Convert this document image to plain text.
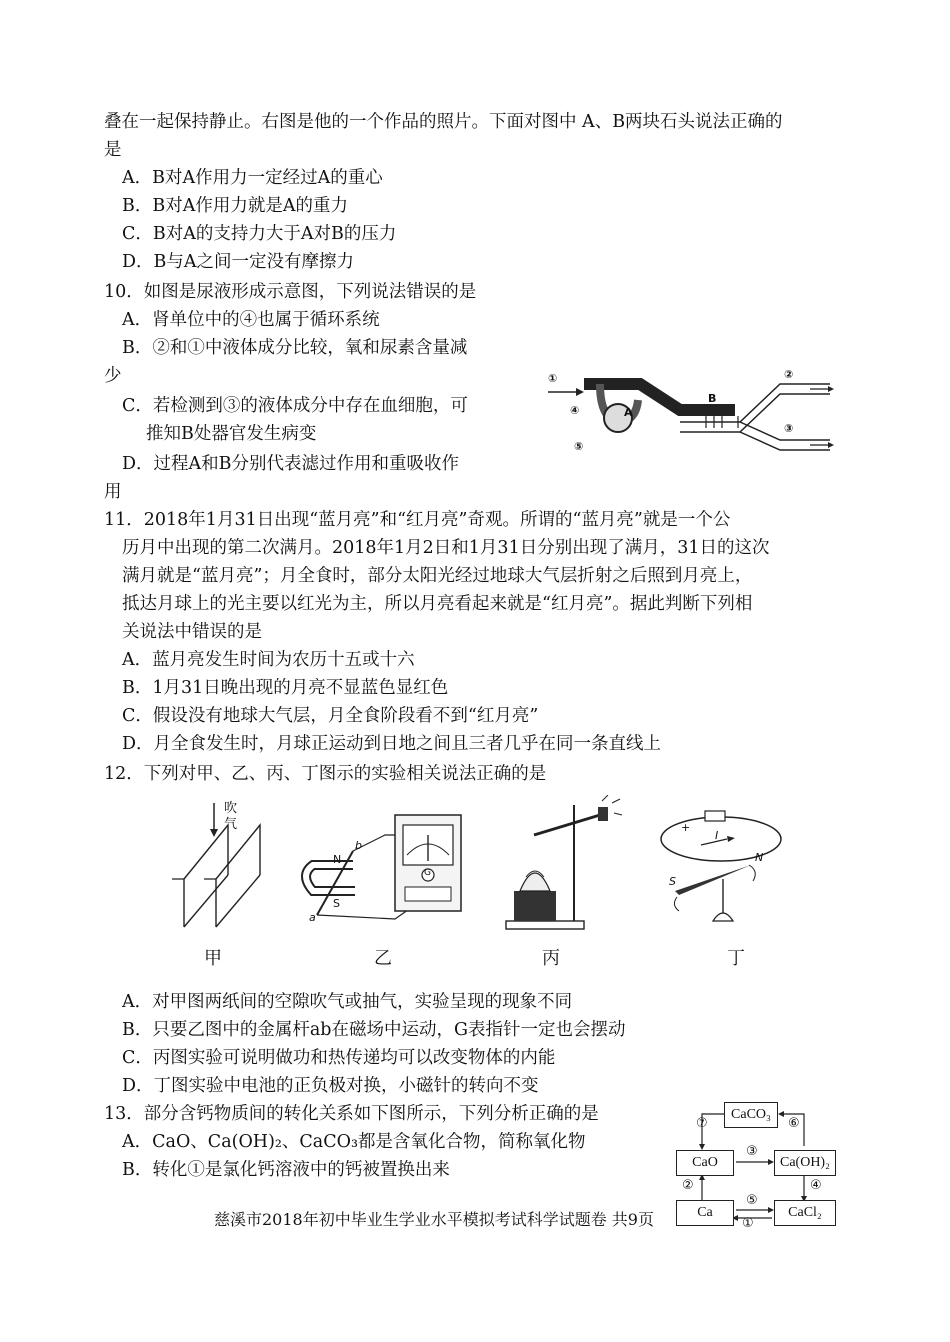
叠在一起保持静止。右图是他的一个作品的照片。下面对图中 A、B两块石头说法正确的
是
A．B对A作用力一定经过A的重心
B．B对A作用力就是A的重力
C．B对A的支持力大于A对B的压力
D．B与A之间一定没有摩擦力
10．如图是尿液形成示意图，下列说法错误的是
A．肾单位中的④也属于循环系统
B．②和①中液体成分比较，氧和尿素含量减
少
C．若检测到③的液体成分中存在血细胞，可
推知B处器官发生病变
D．过程A和B分别代表滤过作用和重吸收作
用
①	②
③
④
⑤
A
B
11．2018年1月31日出现“蓝月亮”和“红月亮”奇观。所谓的“蓝月亮”就是一个公
历月中出现的第二次满月。2018年1月2日和1月31日分别出现了满月，31日的这次
满月就是“蓝月亮”；月全食时，部分太阳光经过地球大气层折射之后照到月亮上，
抵达月球上的光主要以红光为主，所以月亮看起来就是“红月亮”。据此判断下列相
关说法中错误的是
A．蓝月亮发生时间为农历十五或十六
B．1月31日晚出现的月亮不显蓝色显红色
C．假设没有地球大气层，月全食阶段看不到“红月亮”
D．月全食发生时，月球正运动到日地之间且三者几乎在同一条直线上
12．下列对甲、乙、丙、丁图示的实验相关说法正确的是
吹
气
N
S
a
b
G
+
I
N
S
甲	乙	丙	丁
A．对甲图两纸间的空隙吹气或抽气，实验呈现的现象不同
B．只要乙图中的金属杆ab在磁场中运动，G表指针一定也会摆动
C．丙图实验可说明做功和热传递均可以改变物体的内能
D．丁图实验中电池的正负极对换，小磁针的转向不变
13．部分含钙物质间的转化关系如下图所示，下列分析正确的是
A．CaO、Ca(OH)₂、CaCO₃都是含氧化合物，简称氧化物
B．转化①是氯化钙溶液中的钙被置换出来
CaCO₃
CaO	Ca(OH)₂
Ca	CaCl₂
①
②
③
④
⑤
⑥
⑦
慈溪市2018年初中毕业生学业水平模拟考试科学试题卷 共9页
